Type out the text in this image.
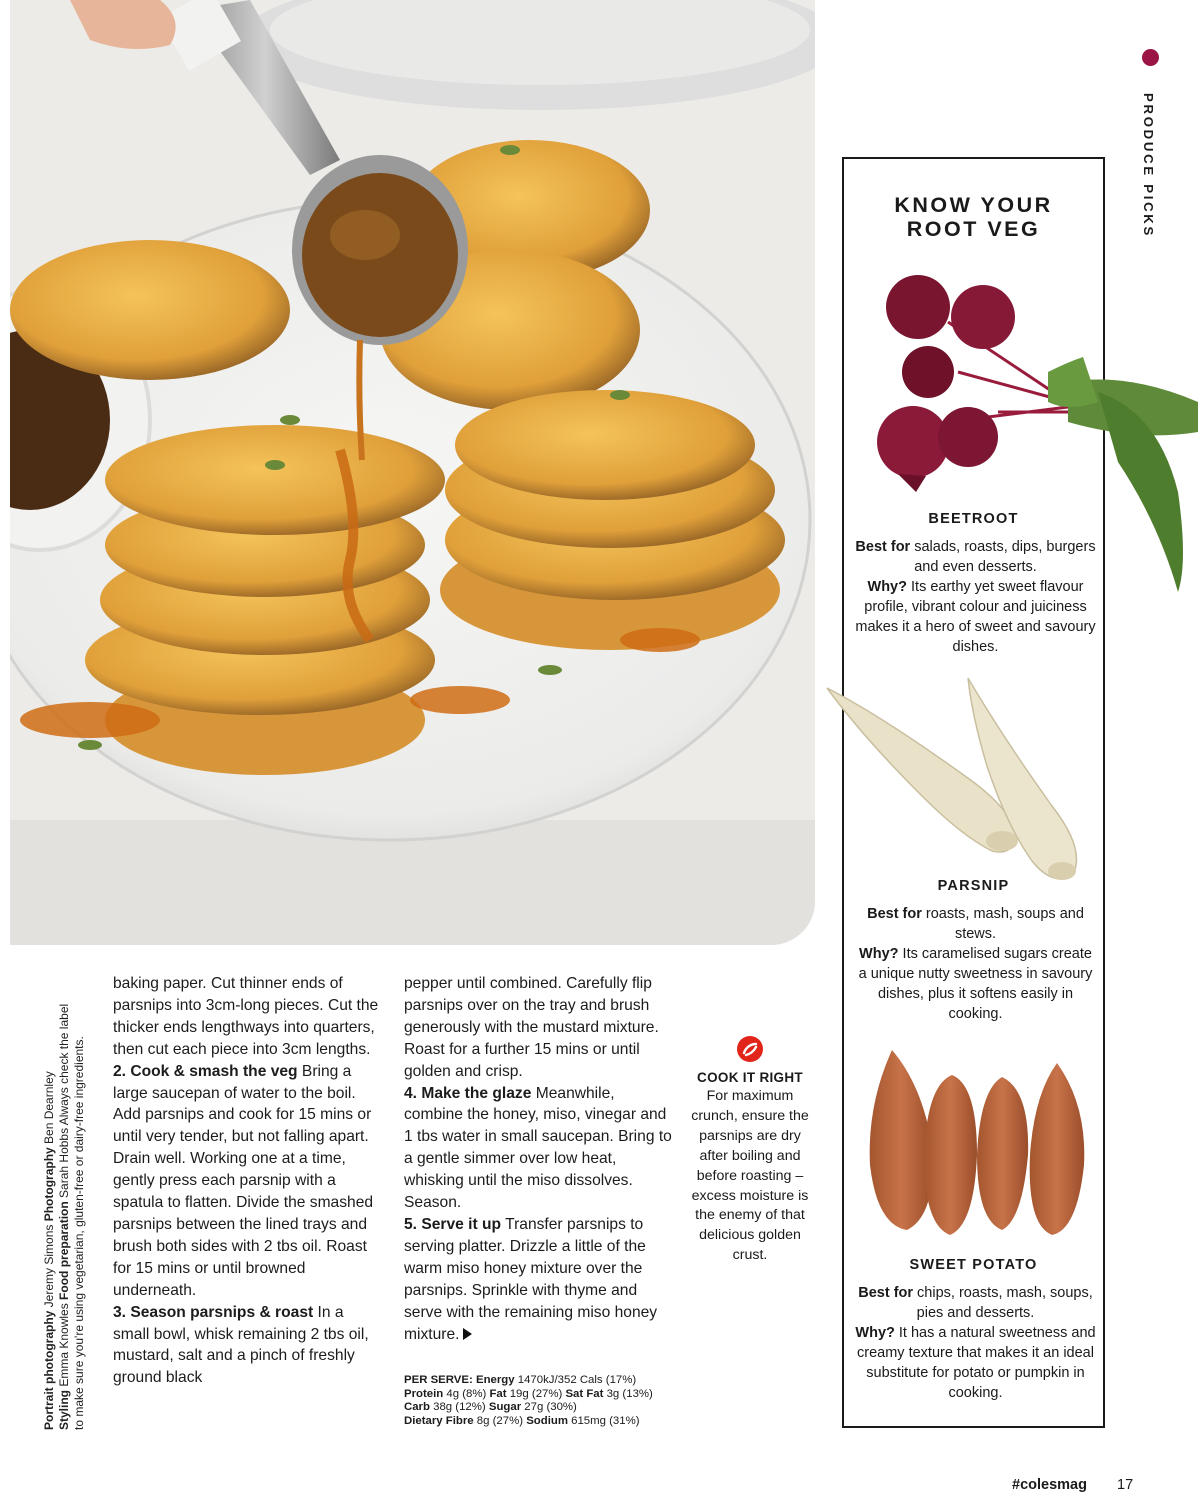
Portrait photography Jeremy Simons Photography Ben Dearnley
Styling Emma Knowles Food preparation Sarah Hobbs Always check the label to make sure you're using vegetarian, gluten-free or dairy-free ingredients.

baking paper. Cut thinner ends of parsnips into 3cm-long pieces. Cut the thicker ends lengthways into quarters, then cut each piece into 3cm lengths.

2. Cook & smash the veg Bring a large saucepan of water to the boil. Add parsnips and cook for 15 mins or until very tender, but not falling apart. Drain well. Working one at a time, gently press each parsnip with a spatula to flatten. Divide the smashed parsnips between the lined trays and brush both sides with 2 tbs oil. Roast for 15 mins or until browned underneath.

3. Season parsnips & roast In a small bowl, whisk remaining 2 tbs oil, mustard, salt and a pinch of freshly ground black

pepper until combined. Carefully flip parsnips over on the tray and brush generously with the mustard mixture. Roast for a further 15 mins or until golden and crisp.

4. Make the glaze Meanwhile, combine the honey, miso, vinegar and 1 tbs water in small saucepan. Bring to a gentle simmer over low heat, whisking until the miso dissolves. Season.

5. Serve it up Transfer parsnips to serving platter. Drizzle a little of the warm miso honey mixture over the parsnips. Sprinkle with thyme and serve with the remaining miso honey mixture.

PER SERVE: Energy 1470kJ/352 Cals (17%)
Protein 4g (8%) Fat 19g (27%) Sat Fat 3g (13%) Carb 38g (12%) Sugar 27g (30%)
Dietary Fibre 8g (27%) Sodium 615mg (31%)
COOK IT RIGHT
For maximum crunch, ensure the parsnips are dry after boiling and before roasting – excess moisture is the enemy of that delicious golden crust.
KNOW YOUR
ROOT VEG
BEETROOT
Best for salads, roasts, dips, burgers and even desserts.
Why? Its earthy yet sweet flavour profile, vibrant colour and juiciness makes it a hero of sweet and savoury dishes.
PARSNIP
Best for roasts, mash, soups and stews.
Why? Its caramelised sugars create a unique nutty sweetness in savoury dishes, plus it softens easily in cooking.
SWEET POTATO
Best for chips, roasts, mash, soups, pies and desserts.
Why? It has a natural sweetness and creamy texture that makes it an ideal substitute for potato or pumpkin in cooking.
PRODUCE PICKS
#colesmag 17
